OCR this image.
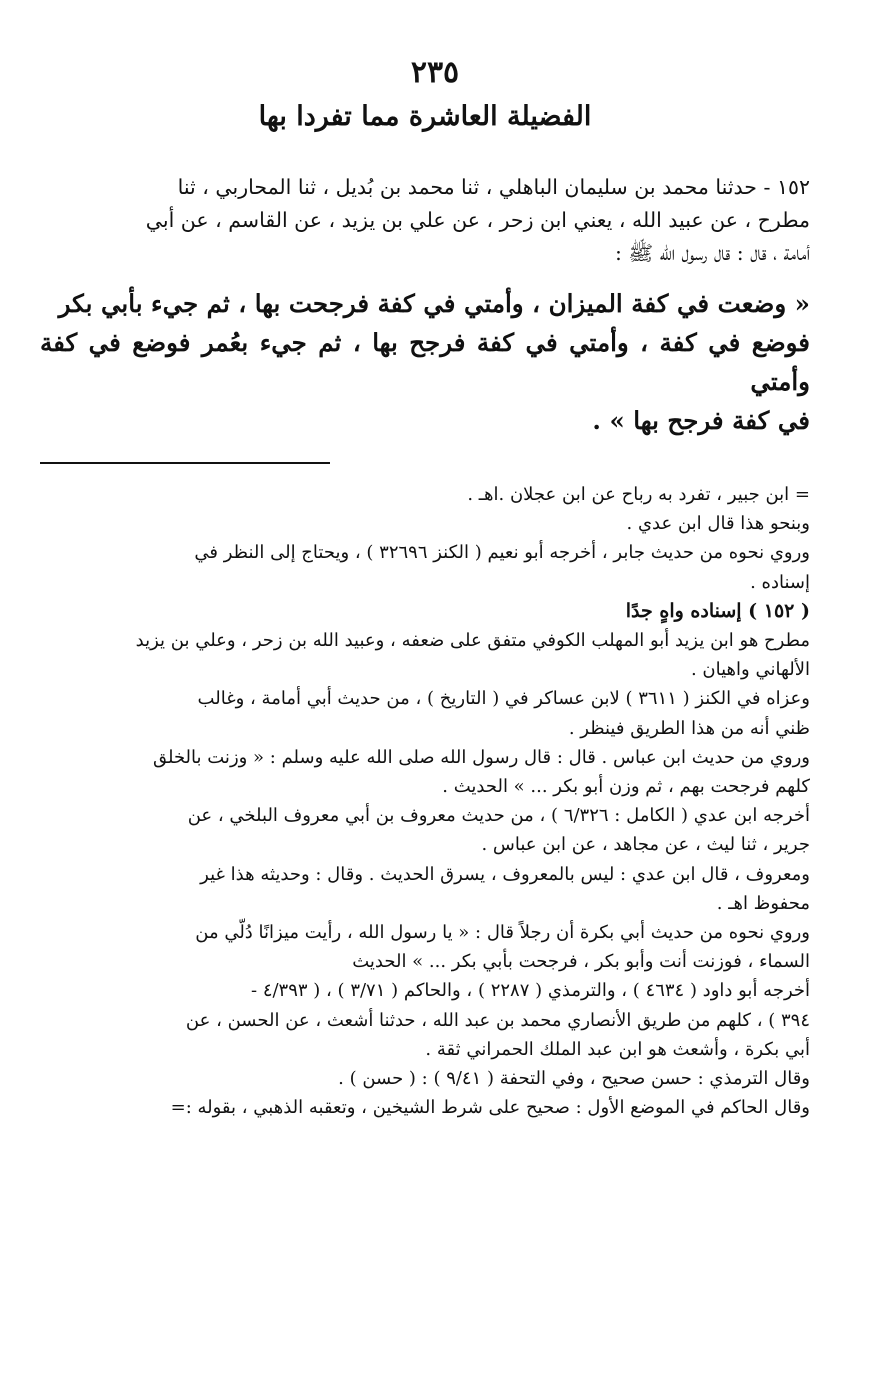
٢٣٥
الفضيلة العاشرة مما تفردا بها

١٥٢ - حدثنا محمد بن سليمان الباهلي ، ثنا محمد بن بُديل ، ثنا المحاربي ، ثنا

مطرح ، عن عبيد الله ، يعني ابن زحر ، عن علي بن يزيد ، عن القاسم ، عن أبي

أمامة ، قال : قال رسول الله ﷺ :

« وضعت في كفة الميزان ، وأمتي في كفة فرجحت بها ، ثم جيء بأبي بكر

فوضع في كفة ، وأمتي في كفة فرجح بها ، ثم جيء بعُمر فوضع في كفة وأمتي

في كفة فرجح بها » .

= ابن جبير ، تفرد به رباح عن ابن عجلان .اهـ .

وبنحو هذا قال ابن عدي .

وروي نحوه من حديث جابر ، أخرجه أبو نعيم ( الكنز ٣٢٦٩٦ ) ، ويحتاج إلى النظر في

إسناده .

( ١٥٢ ) إسناده واهٍ جدًا

مطرح هو ابن يزيد أبو المهلب الكوفي متفق على ضعفه ، وعبيد الله بن زحر ، وعلي بن يزيد

الألهاني واهيان .

وعزاه في الكنز ( ٣٦١١ ) لابن عساكر في ( التاريخ ) ، من حديث أبي أمامة ، وغالب

ظني أنه من هذا الطريق فينظر .

وروي من حديث ابن عباس . قال : قال رسول الله صلى الله عليه وسلم : « وزنت بالخلق

كلهم فرجحت بهم ، ثم وزن أبو بكر ... » الحديث .

أخرجه ابن عدي ( الكامل : ٦/٣٢٦ ) ، من حديث معروف بن أبي معروف البلخي ، عن

جرير ، ثنا ليث ، عن مجاهد ، عن ابن عباس .

ومعروف ، قال ابن عدي : ليس بالمعروف ، يسرق الحديث . وقال : وحديثه هذا غير

محفوظ اهـ .

وروي نحوه من حديث أبي بكرة أن رجلاً قال : « يا رسول الله ، رأيت ميزانًا دُلّي من

السماء ، فوزنت أنت وأبو بكر ، فرجحت بأبي بكر ... » الحديث

أخرجه أبو داود ( ٤٦٣٤ ) ، والترمذي ( ٢٢٨٧ ) ، والحاكم ( ٣/٧١ ) ، ( ٤/٣٩٣ -

٣٩٤ ) ، كلهم من طريق الأنصاري محمد بن عبد الله ، حدثنا أشعث ، عن الحسن ، عن

أبي بكرة ، وأشعث هو ابن عبد الملك الحمراني ثقة .

وقال الترمذي : حسن صحيح ، وفي التحفة ( ٩/٤١ ) : ( حسن ) .

وقال الحاكم في الموضع الأول : صحيح على شرط الشيخين ، وتعقبه الذهبي ، بقوله :=
